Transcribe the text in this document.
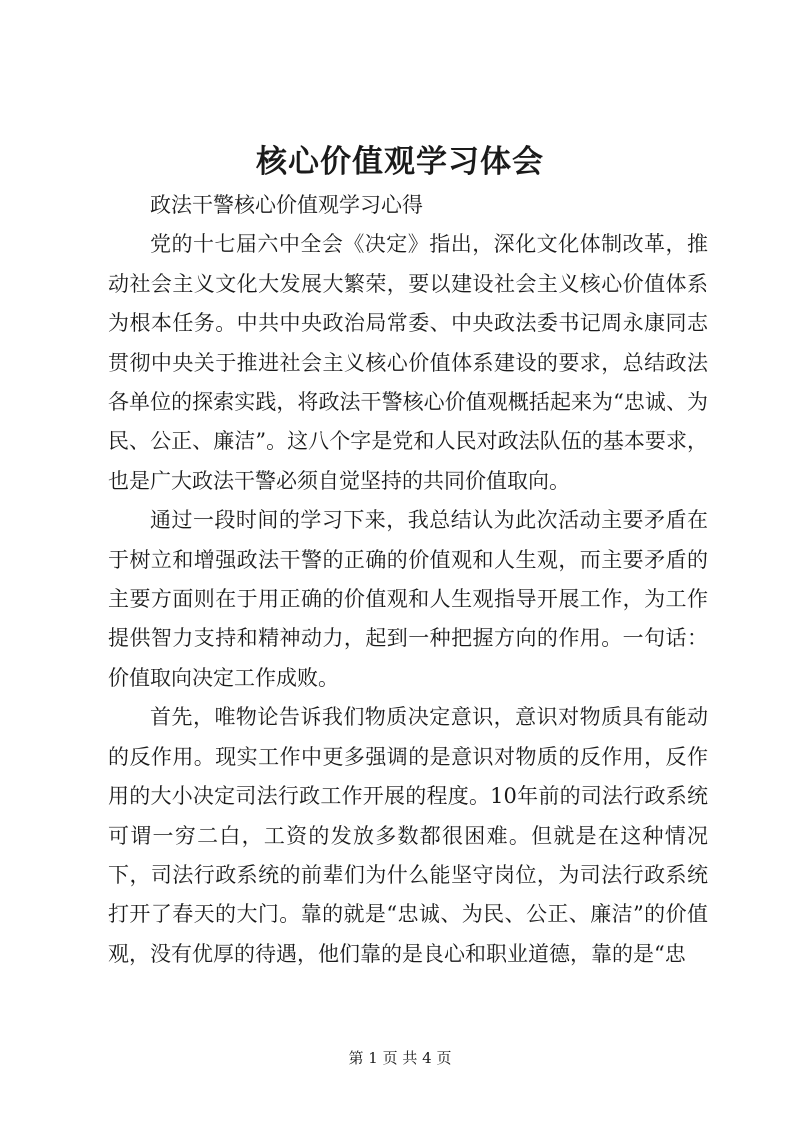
核心价值观学习体会

政法干警核心价值观学习心得

党的十七届六中全会《决定》指出，深化文化体制改革，推动社会主义文化大发展大繁荣，要以建设社会主义核心价值体系为根本任务。中共中央政治局常委、中央政法委书记周永康同志贯彻中央关于推进社会主义核心价值体系建设的要求，总结政法各单位的探索实践，将政法干警核心价值观概括起来为“忠诚、为民、公正、廉洁”。这八个字是党和人民对政法队伍的基本要求，也是广大政法干警必须自觉坚持的共同价值取向。

通过一段时间的学习下来，我总结认为此次活动主要矛盾在于树立和增强政法干警的正确的价值观和人生观，而主要矛盾的主要方面则在于用正确的价值观和人生观指导开展工作，为工作提供智力支持和精神动力，起到一种把握方向的作用。一句话：价值取向决定工作成败。

首先，唯物论告诉我们物质决定意识，意识对物质具有能动的反作用。现实工作中更多强调的是意识对物质的反作用，反作用的大小决定司法行政工作开展的程度。10年前的司法行政系统可谓一穷二白，工资的发放多数都很困难。但就是在这种情况下，司法行政系统的前辈们为什么能坚守岗位，为司法行政系统打开了春天的大门。靠的就是“忠诚、为民、公正、廉洁”的价值观，没有优厚的待遇，他们靠的是良心和职业道德，靠的是“忠

第 1 页 共 4 页
